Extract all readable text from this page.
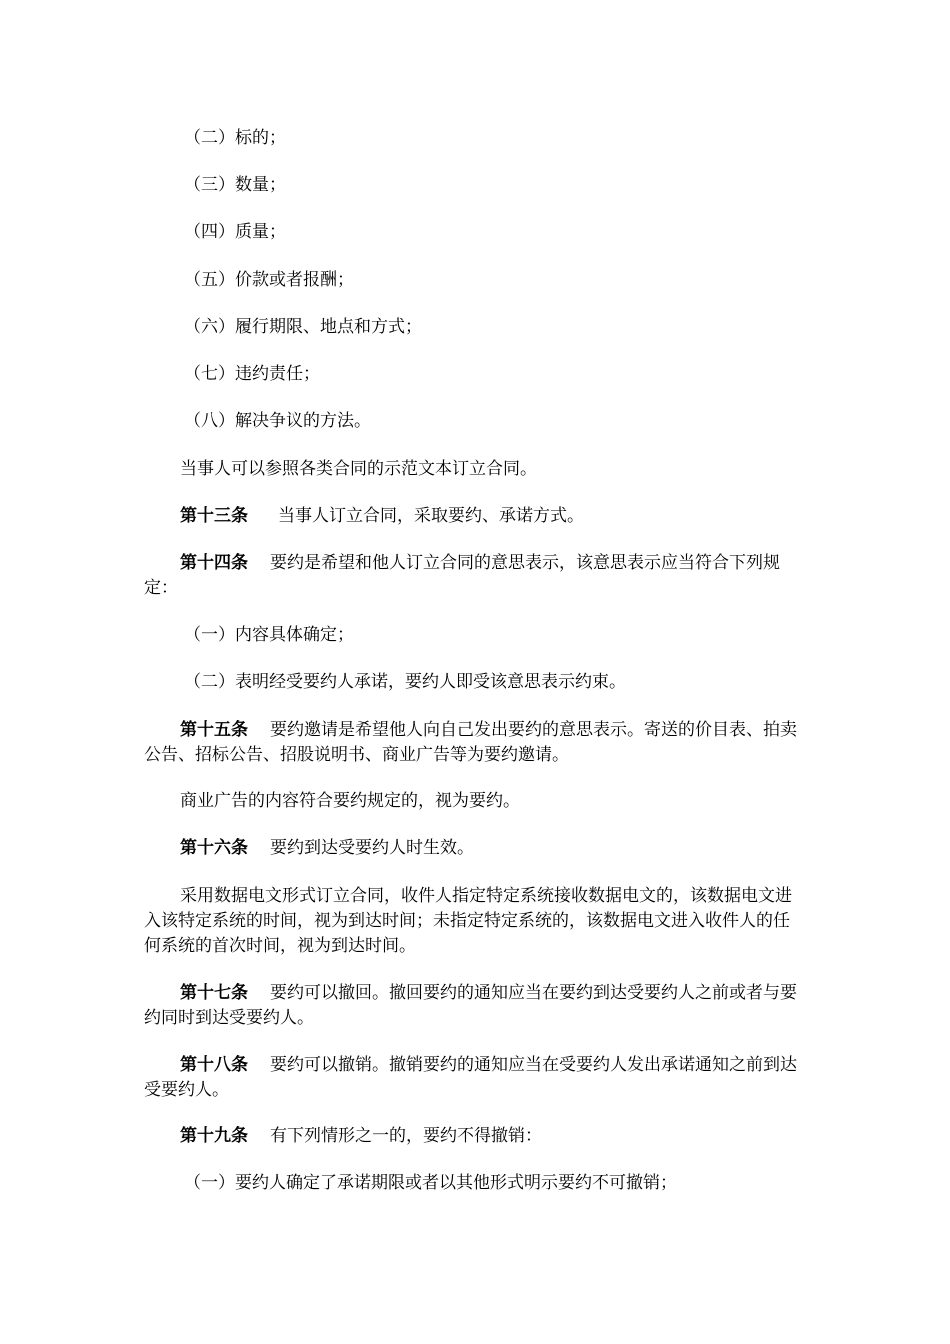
（二）标的；

（三）数量；

（四）质量；

（五）价款或者报酬；

（六）履行期限、地点和方式；

（七）违约责任；

（八）解决争议的方法。

当事人可以参照各类合同的示范文本订立合同。

第十三条 当事人订立合同，采取要约、承诺方式。

第十四条 要约是希望和他人订立合同的意思表示，该意思表示应当符合下列规定：

（一）内容具体确定；

（二）表明经受要约人承诺，要约人即受该意思表示约束。

第十五条 要约邀请是希望他人向自己发出要约的意思表示。寄送的价目表、拍卖公告、招标公告、招股说明书、商业广告等为要约邀请。

商业广告的内容符合要约规定的，视为要约。

第十六条 要约到达受要约人时生效。

采用数据电文形式订立合同，收件人指定特定系统接收数据电文的，该数据电文进入该特定系统的时间，视为到达时间；未指定特定系统的，该数据电文进入收件人的任何系统的首次时间，视为到达时间。

第十七条 要约可以撤回。撤回要约的通知应当在要约到达受要约人之前或者与要约同时到达受要约人。

第十八条 要约可以撤销。撤销要约的通知应当在受要约人发出承诺通知之前到达受要约人。

第十九条 有下列情形之一的，要约不得撤销：

（一）要约人确定了承诺期限或者以其他形式明示要约不可撤销；
